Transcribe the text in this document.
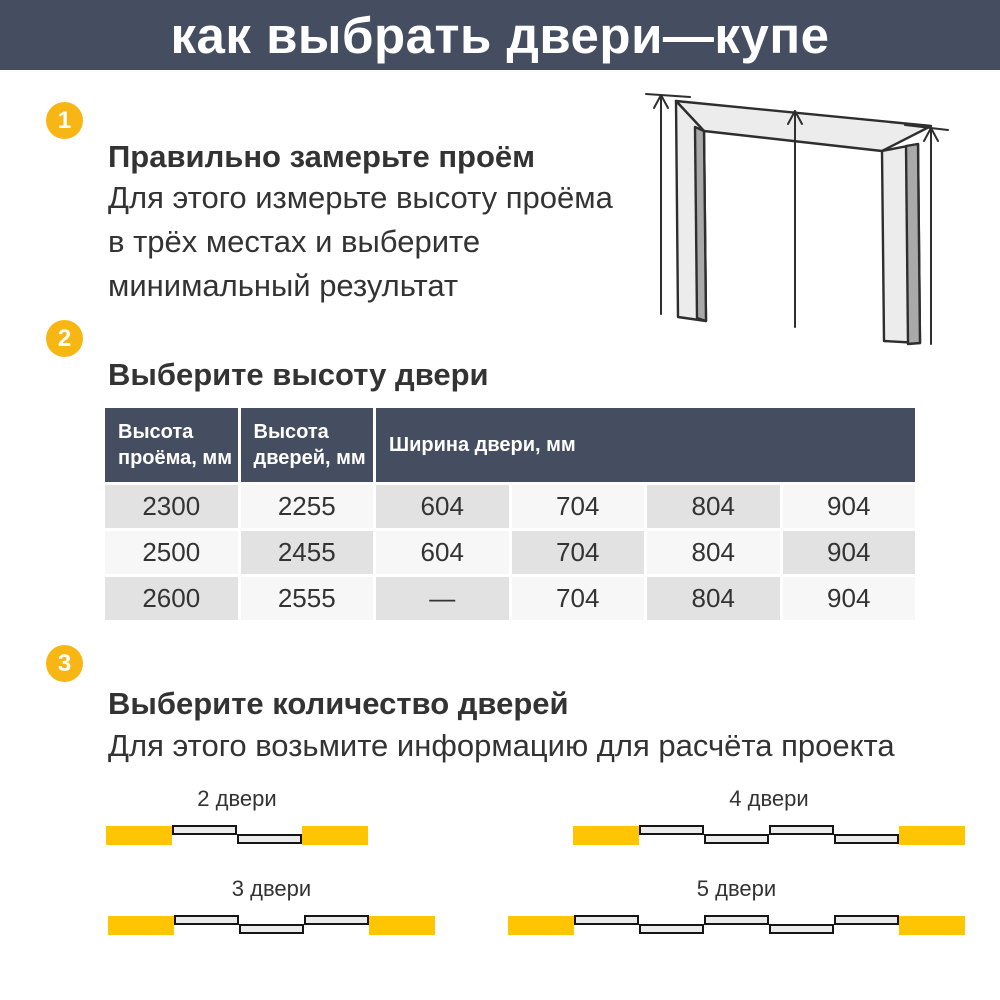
как выбрать двери—купе
1
Правильно замерьте проём
Для этого измерьте высоту проёма
в трёх местах и выберите
минимальный результат
2
Выберите высоту двери
Высота проёма, мм
Высота дверей, мм
Ширина двери, мм
2300	2255	604	704	804	904
2500	2455	604	704	804	904
2600	2555	—	704	804	904
3
Выберите количество дверей
Для этого возьмите информацию для расчёта проекта
2 двери
3 двери
4 двери
5 двери
